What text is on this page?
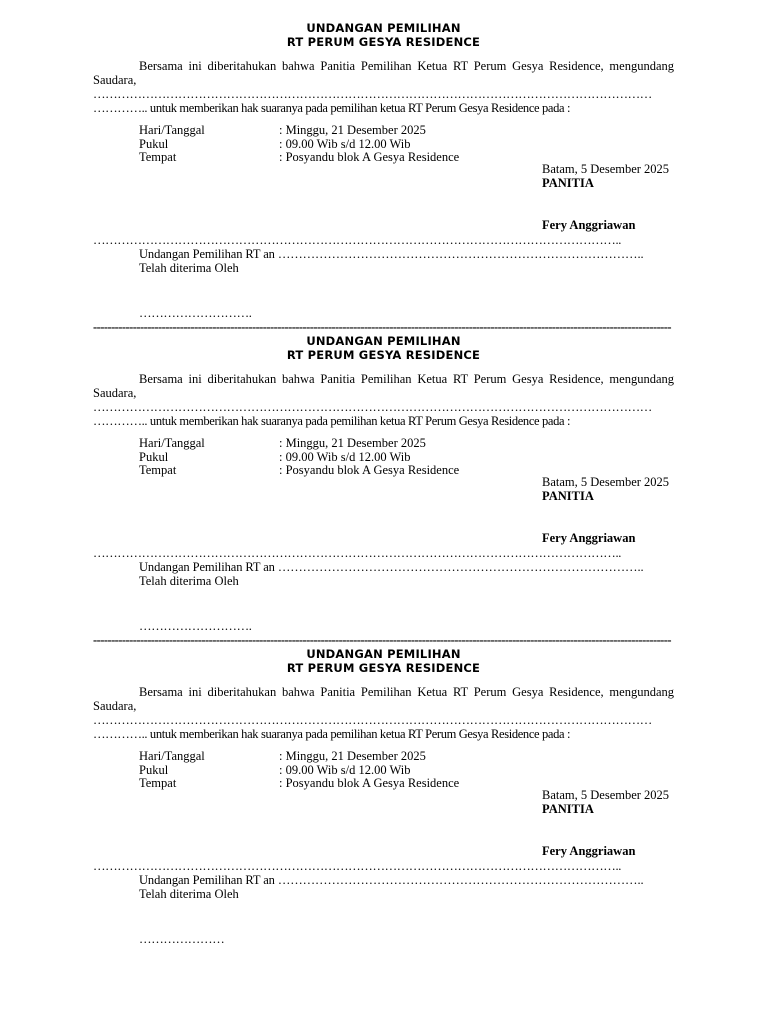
UNDANGAN PEMILIHAN
RT PERUM GESYA RESIDENCE
Bersama ini diberitahukan bahwa Panitia Pemilihan Ketua RT Perum Gesya Residence, mengundang Saudara,
…………………………………………………………………………………………………………………………
………….. untuk memberikan hak suaranya pada pemilihan ketua RT Perum Gesya Residence pada :
Hari/Tanggal	: Minggu, 21 Desember 2025
Pukul	: 09.00 Wib s/d 12.00 Wib
Tempat	: Posyandu blok A Gesya Residence
Batam, 5 Desember 2025
PANITIA
Fery Anggriawan
…………………………………………………………………………………………………………………..
Undangan Pemilihan RT an ……………………………………………………………………………..
Telah diterima Oleh
……………………….
----------------------------------------------------------------------------------------------------------------------------------------------------------------
UNDANGAN PEMILIHAN
RT PERUM GESYA RESIDENCE
Bersama ini diberitahukan bahwa Panitia Pemilihan Ketua RT Perum Gesya Residence, mengundang Saudara,
…………………………………………………………………………………………………………………………
………….. untuk memberikan hak suaranya pada pemilihan ketua RT Perum Gesya Residence pada :
Hari/Tanggal	: Minggu, 21 Desember 2025
Pukul	: 09.00 Wib s/d 12.00 Wib
Tempat	: Posyandu blok A Gesya Residence
Batam, 5 Desember 2025
PANITIA
Fery Anggriawan
…………………………………………………………………………………………………………………..
Undangan Pemilihan RT an ……………………………………………………………………………..
Telah diterima Oleh
……………………….
----------------------------------------------------------------------------------------------------------------------------------------------------------------
UNDANGAN PEMILIHAN
RT PERUM GESYA RESIDENCE
Bersama ini diberitahukan bahwa Panitia Pemilihan Ketua RT Perum Gesya Residence, mengundang Saudara,
…………………………………………………………………………………………………………………………
………….. untuk memberikan hak suaranya pada pemilihan ketua RT Perum Gesya Residence pada :
Hari/Tanggal	: Minggu, 21 Desember 2025
Pukul	: 09.00 Wib s/d 12.00 Wib
Tempat	: Posyandu blok A Gesya Residence
Batam, 5 Desember 2025
PANITIA
Fery Anggriawan
…………………………………………………………………………………………………………………..
Undangan Pemilihan RT an ……………………………………………………………………………..
Telah diterima Oleh
…………………
